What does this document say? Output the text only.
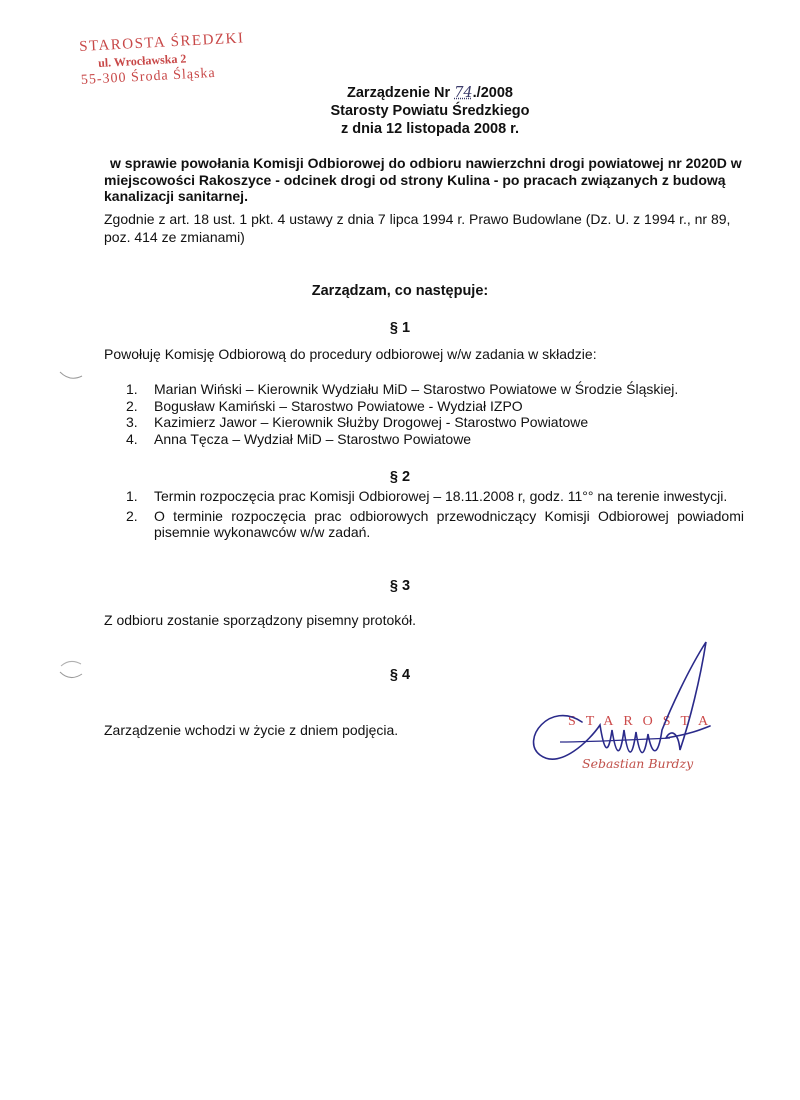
STAROSTA ŚREDZKI
ul. Wrocławska 2
55-300 Środa Śląska
Zarządzenie Nr 74./2008
Starosty Powiatu Średzkiego
z dnia 12 listopada 2008 r.

w sprawie powołania Komisji Odbiorowej do odbioru nawierzchni drogi powiatowej nr 2020D w miejscowości Rakoszyce - odcinek drogi od strony Kulina - po pracach związanych z budową kanalizacji sanitarnej.

Zgodnie z art. 18 ust. 1 pkt. 4 ustawy z dnia 7 lipca 1994 r. Prawo Budowlane (Dz. U. z 1994 r., nr 89, poz. 414 ze zmianami)
Zarządzam, co następuje:
§ 1
Powołuję Komisję Odbiorową do procedury odbiorowej w/w zadania w składzie:
1. Marian Wiński – Kierownik Wydziału MiD – Starostwo Powiatowe w Środzie Śląskiej.
2. Bogusław Kamiński – Starostwo Powiatowe - Wydział IZPO
3. Kazimierz Jawor – Kierownik Służby Drogowej - Starostwo Powiatowe
4. Anna Tęcza – Wydział MiD – Starostwo Powiatowe
§ 2
1. Termin rozpoczęcia prac Komisji Odbiorowej – 18.11.2008 r, godz. 11°° na terenie inwestycji.
2. O terminie rozpoczęcia prac odbiorowych przewodniczący Komisji Odbiorowej powiadomi pisemnie wykonawców w/w zadań.
§ 3
Z odbioru zostanie sporządzony pisemny protokół.
§ 4
Zarządzenie wchodzi w życie z dniem podjęcia.
STAROSTA
Sebastian Burdzy
